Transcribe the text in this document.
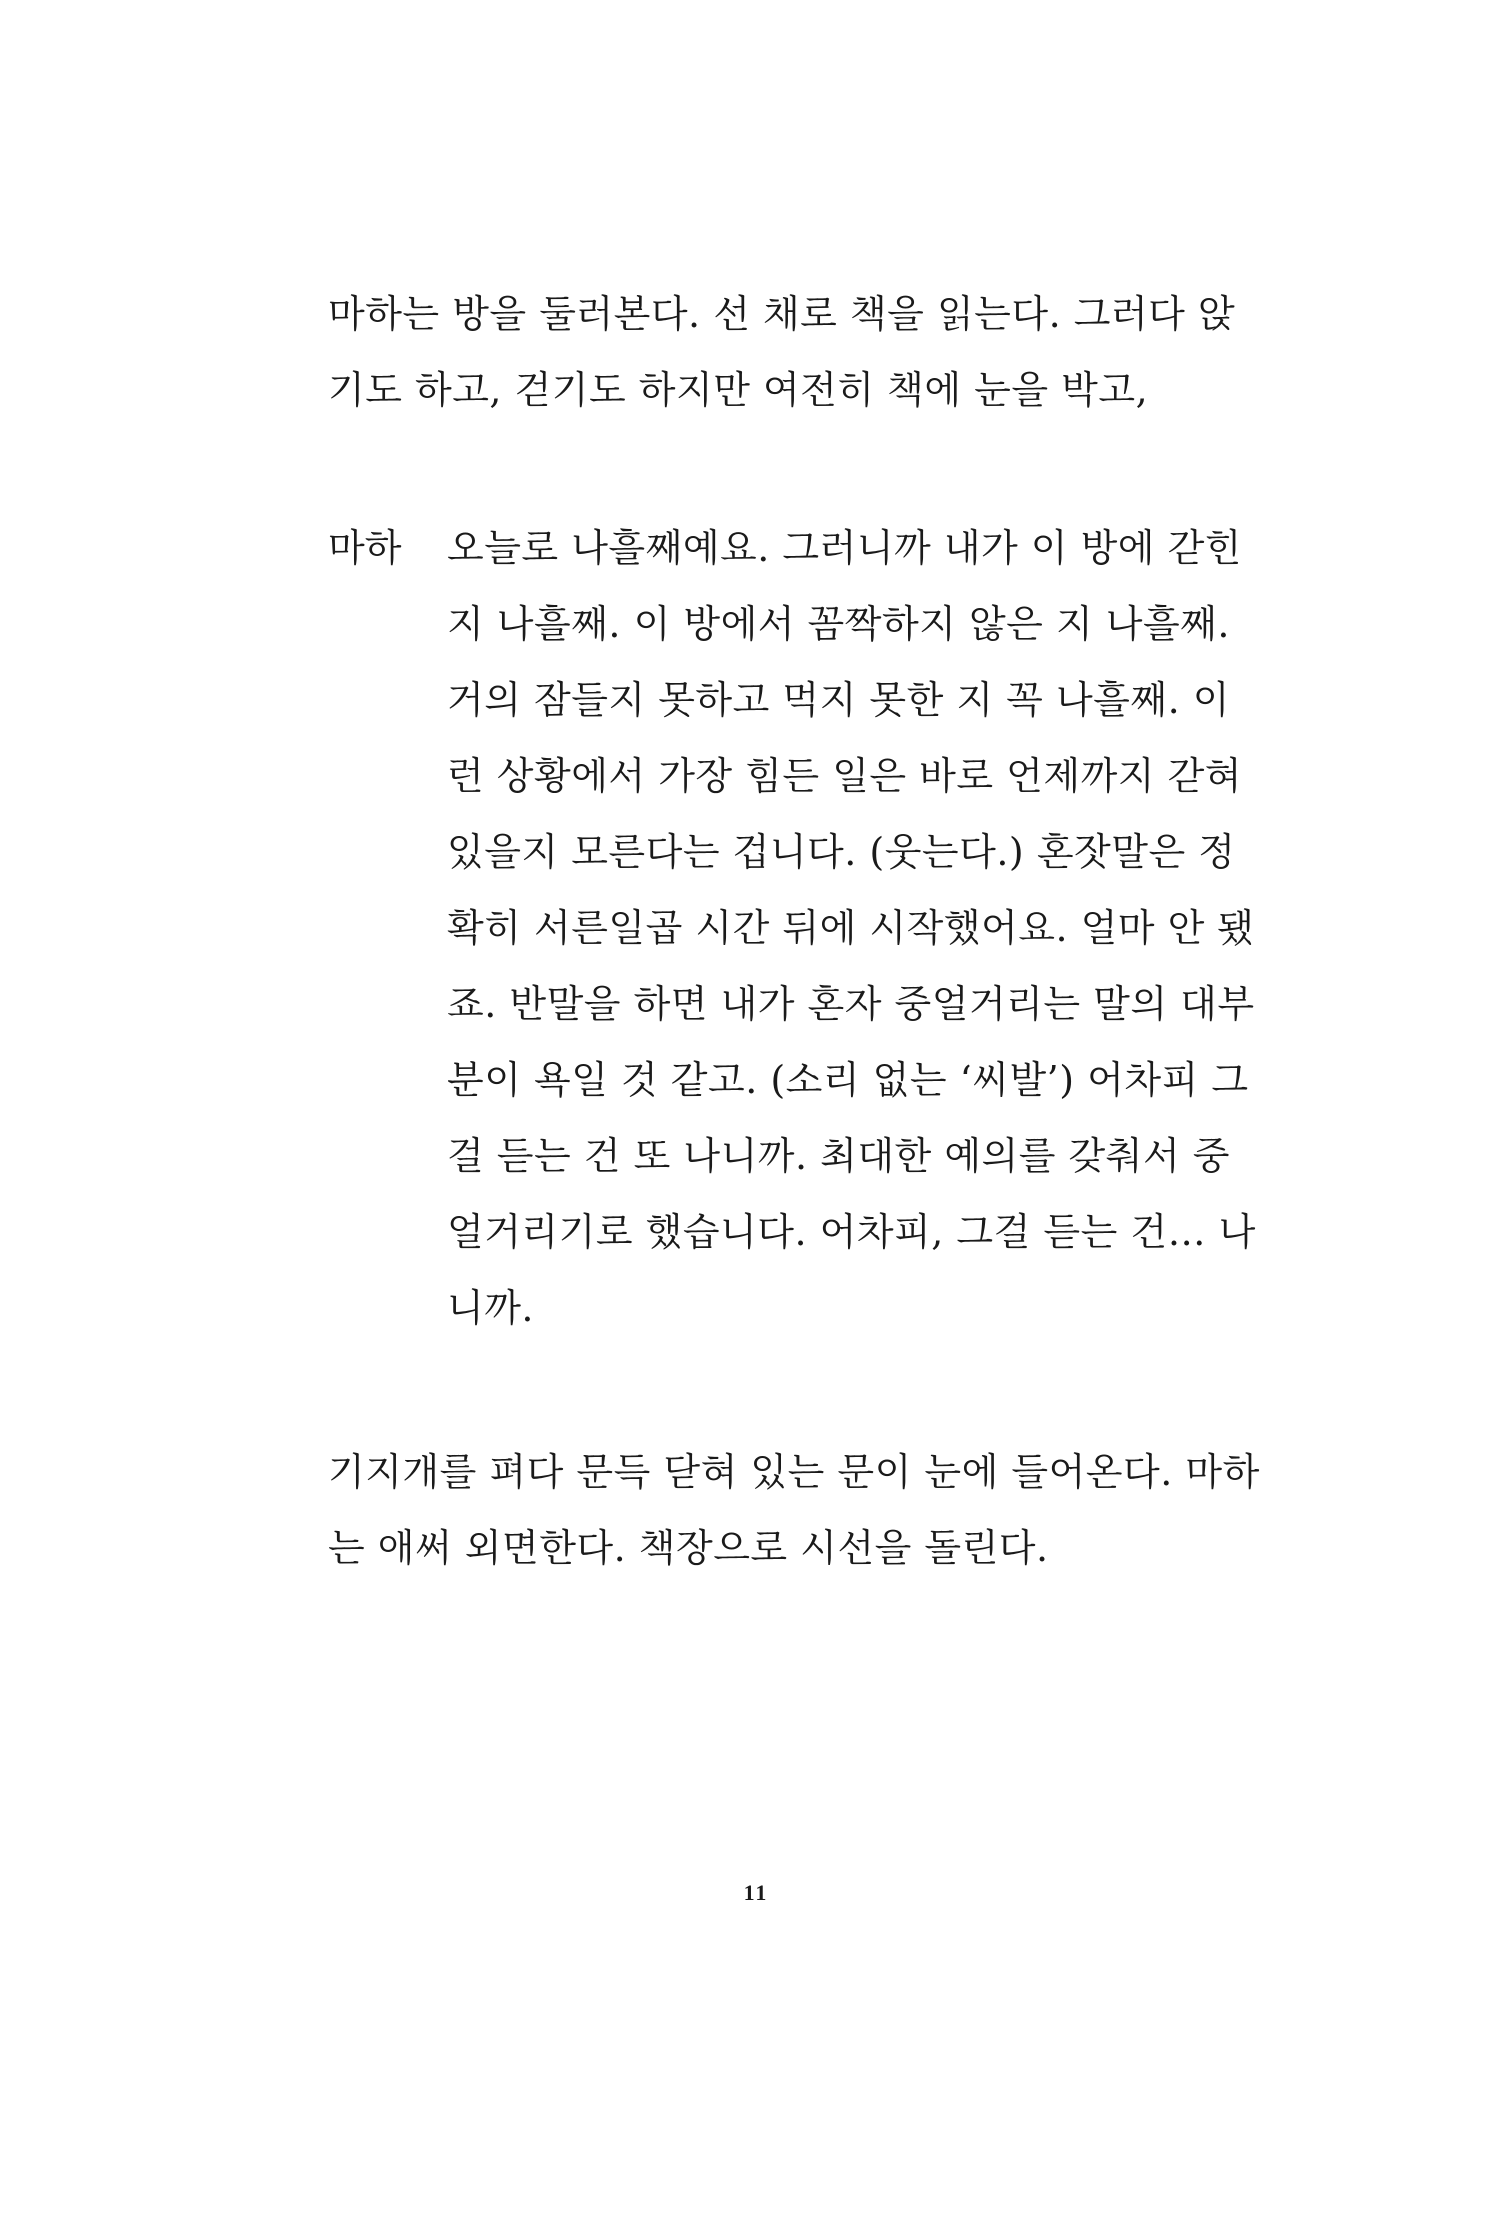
마하는 방을 둘러본다. 선 채로 책을 읽는다. 그러다 앉
기도 하고, 걷기도 하지만 여전히 책에 눈을 박고,
마하 오늘로 나흘째예요. 그러니까 내가 이 방에 갇힌
지 나흘째. 이 방에서 꼼짝하지 않은 지 나흘째.
거의 잠들지 못하고 먹지 못한 지 꼭 나흘째. 이
런 상황에서 가장 힘든 일은 바로 언제까지 갇혀
있을지 모른다는 겁니다. (웃는다.) 혼잣말은 정
확히 서른일곱 시간 뒤에 시작했어요. 얼마 안 됐
죠. 반말을 하면 내가 혼자 중얼거리는 말의 대부
분이 욕일 것 같고. (소리 없는 ‘씨발’) 어차피 그
걸 듣는 건 또 나니까. 최대한 예의를 갖춰서 중
얼거리기로 했습니다. 어차피, 그걸 듣는 건… 나
니까.
기지개를 펴다 문득 닫혀 있는 문이 눈에 들어온다. 마하
는 애써 외면한다. 책장으로 시선을 돌린다.
11
